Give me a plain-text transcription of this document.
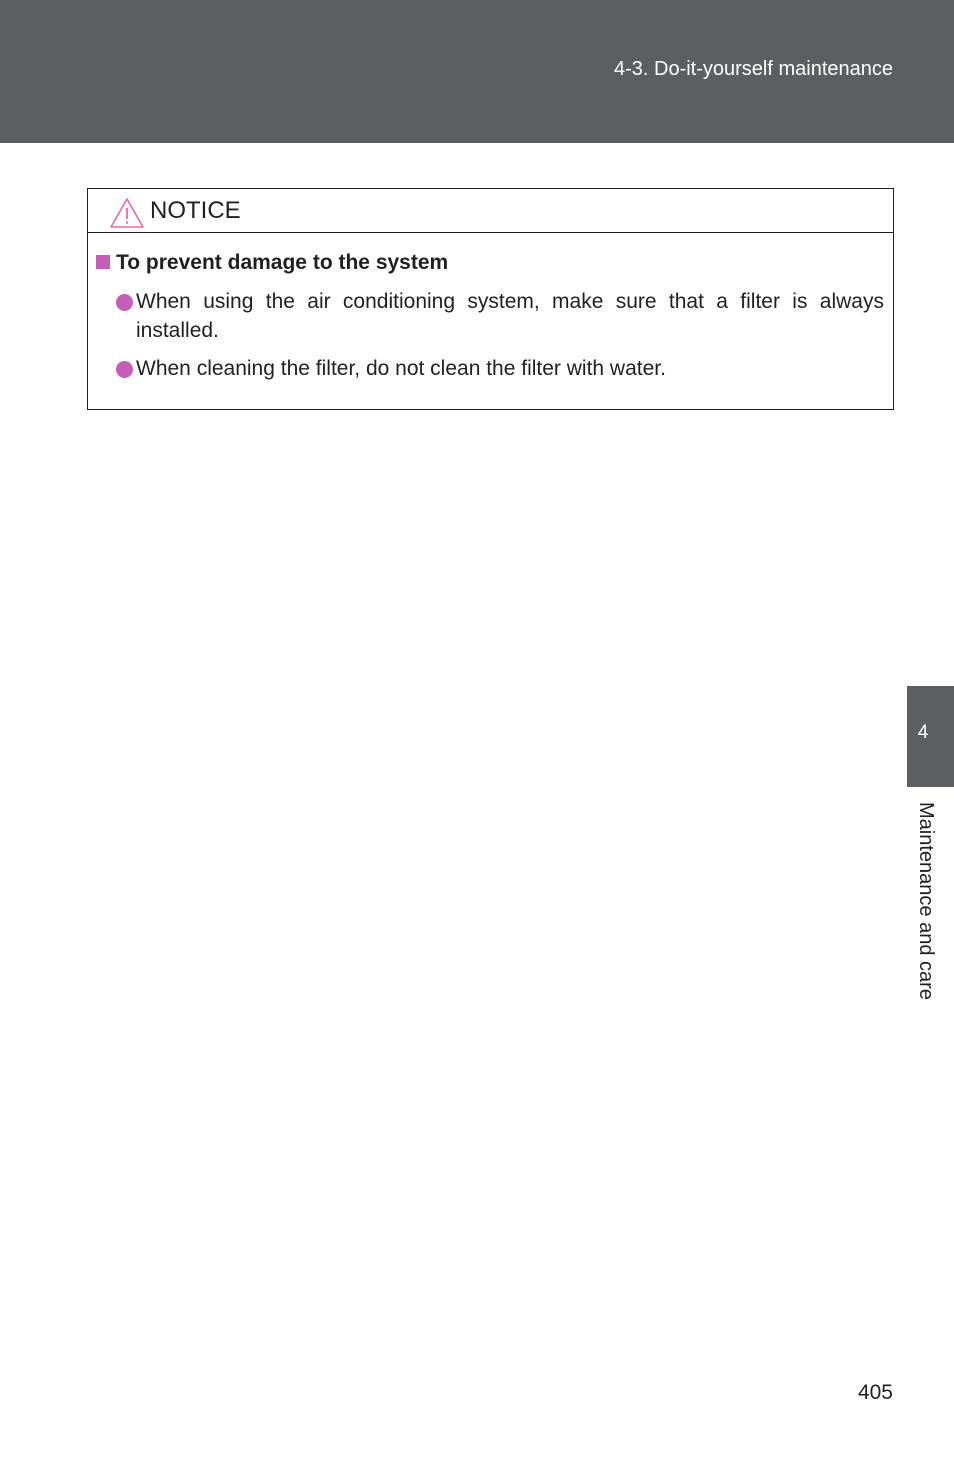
4-3. Do-it-yourself maintenance
NOTICE
To prevent damage to the system
When using the air conditioning system, make sure that a filter is always installed.
When cleaning the filter, do not clean the filter with water.
4
Maintenance and care
405
